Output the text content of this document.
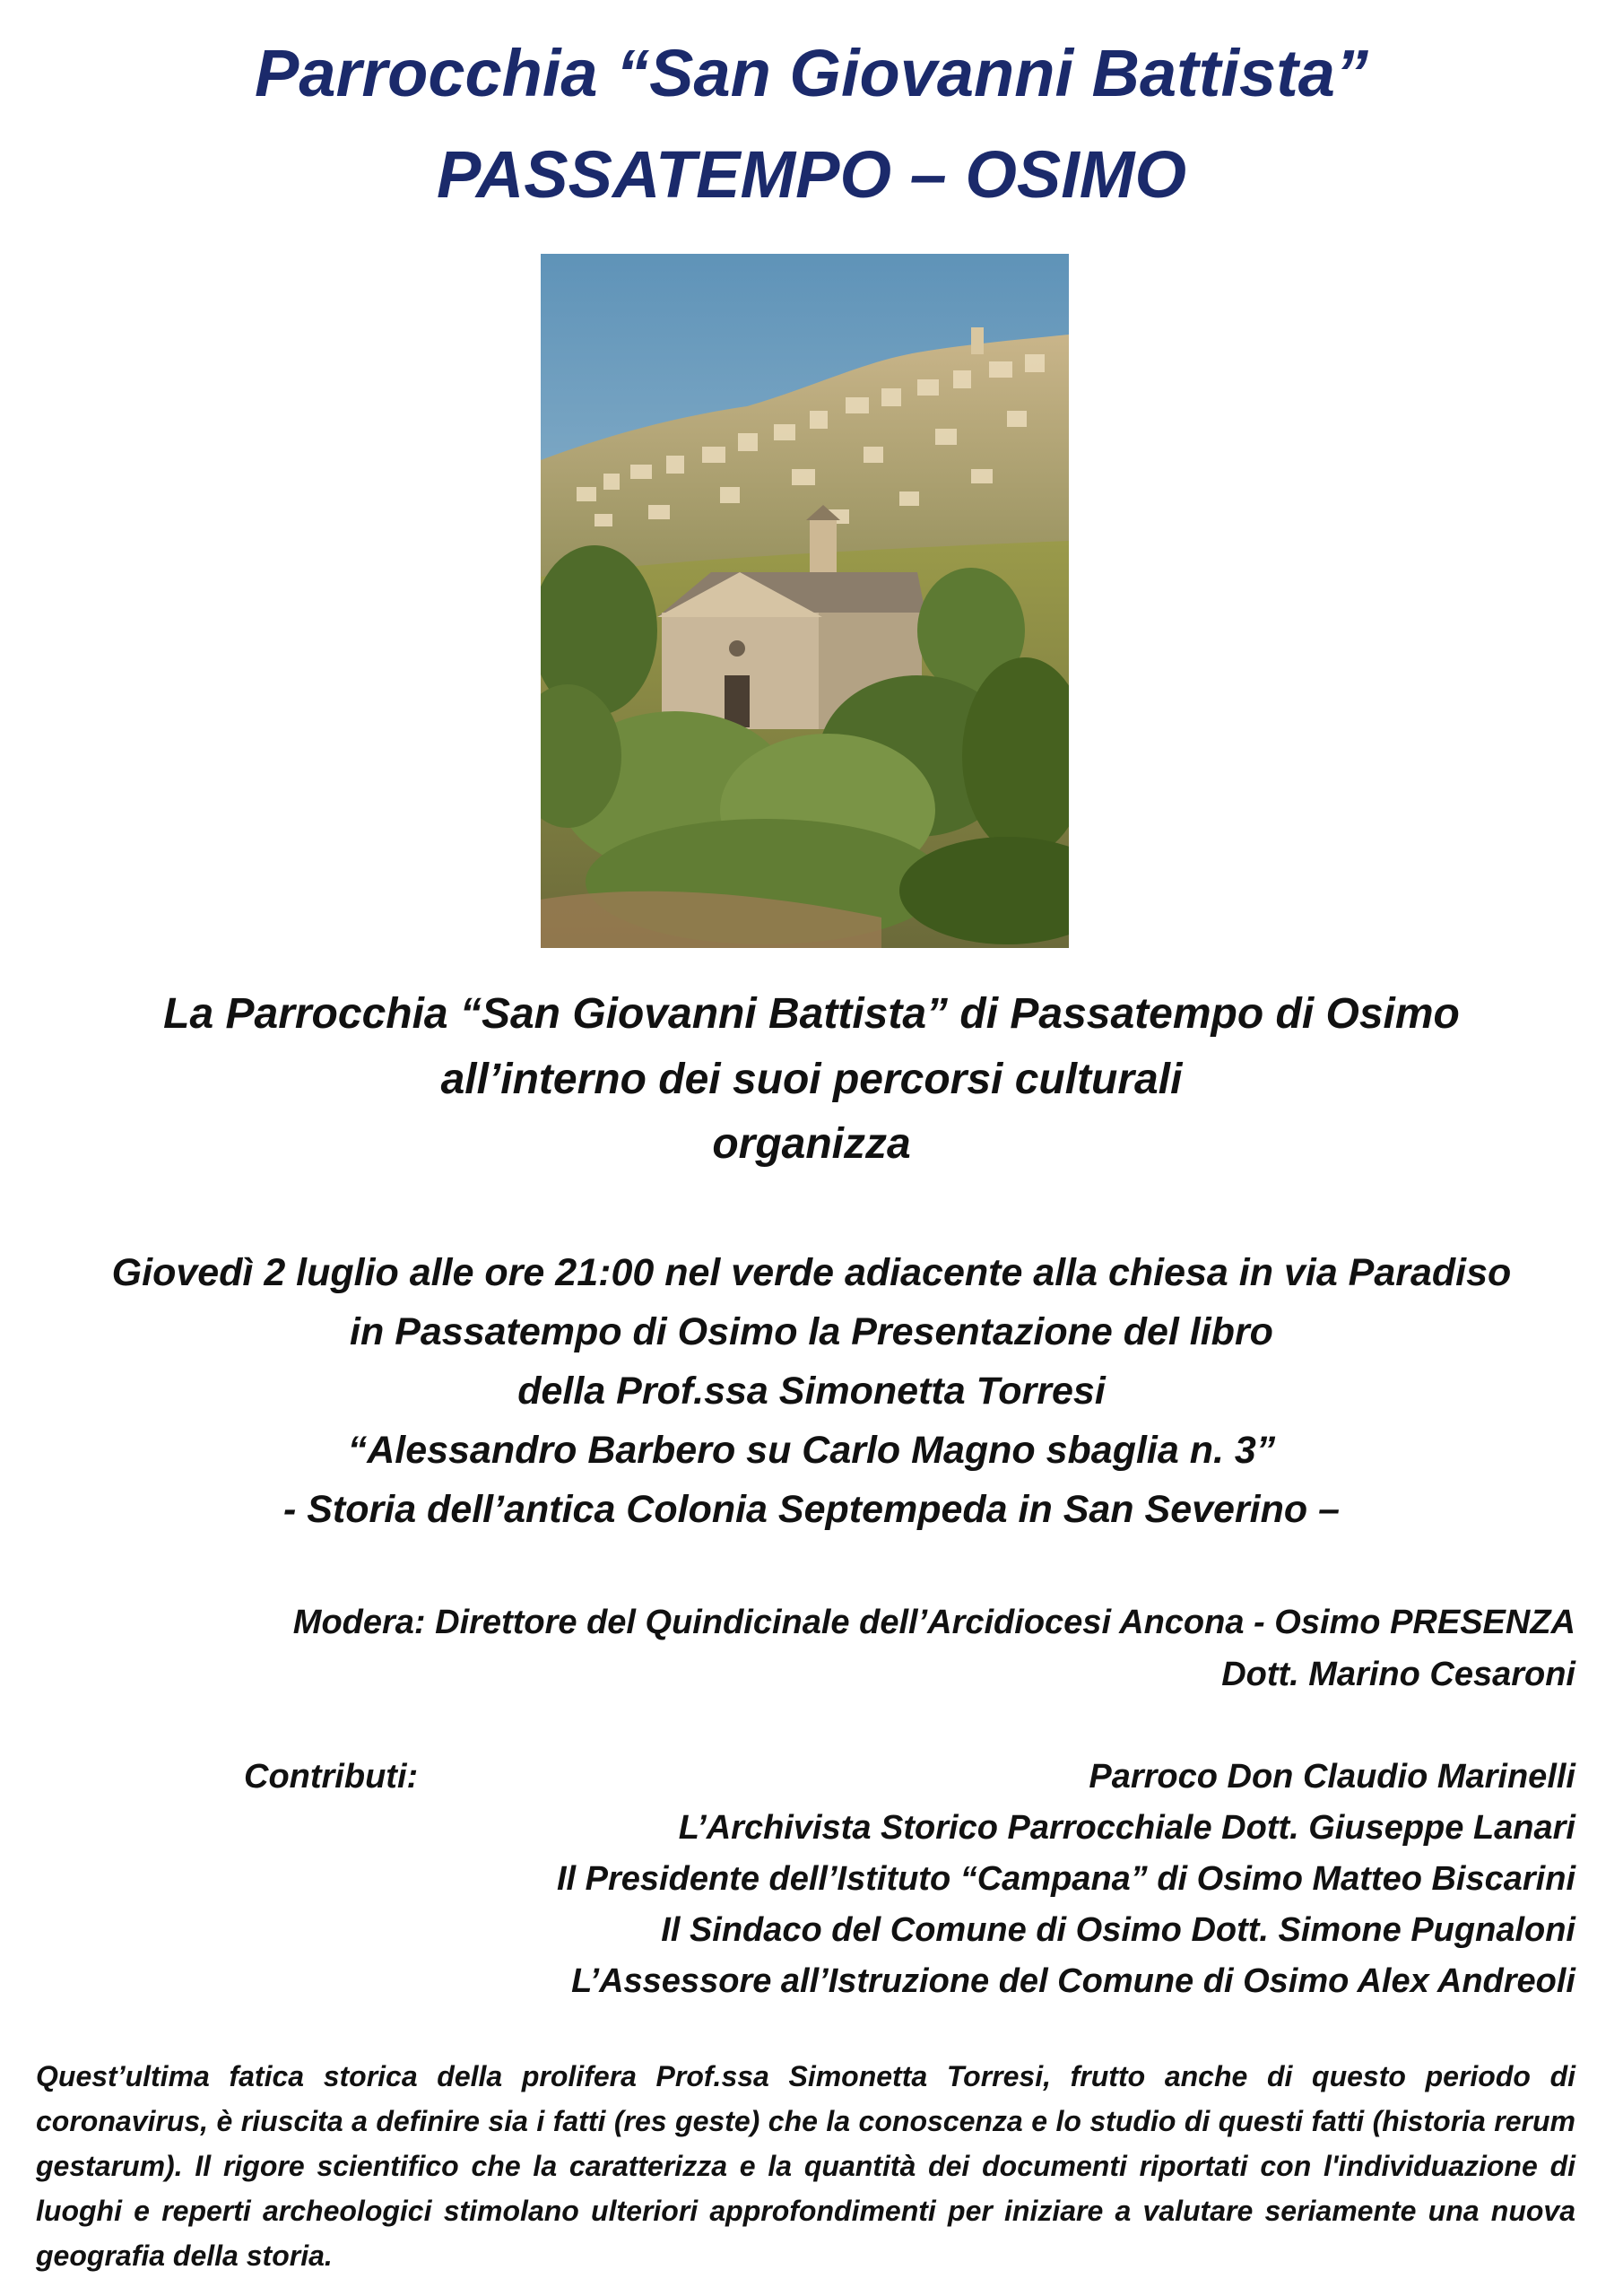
Parrocchia “San Giovanni Battista”
PASSATEMPO – OSIMO
La Parrocchia “San Giovanni Battista” di Passatempo di Osimo
all’interno dei suoi percorsi culturali
organizza
Giovedì 2 luglio alle ore 21:00 nel verde adiacente alla chiesa in via Paradiso
in Passatempo di Osimo la Presentazione del libro
della Prof.ssa Simonetta Torresi
“Alessandro Barbero su Carlo Magno sbaglia n. 3”
- Storia dell’antica Colonia Septempeda in San Severino –
Modera: Direttore del Quindicinale dell’Arcidiocesi Ancona - Osimo PRESENZA
Dott. Marino Cesaroni
Contributi:	Parroco Don Claudio Marinelli
L’Archivista Storico Parrocchiale Dott. Giuseppe Lanari
Il Presidente dell’Istituto “Campana” di Osimo Matteo Biscarini
Il Sindaco del Comune di Osimo Dott. Simone Pugnaloni
L’Assessore all’Istruzione del Comune di Osimo Alex Andreoli
Quest’ultima fatica storica della prolifera Prof.ssa Simonetta Torresi, frutto anche di questo periodo di coronavirus, è riuscita a definire sia i fatti (res geste) che la conoscenza e lo studio di questi fatti (historia rerum gestarum). Il rigore scientifico che la caratterizza e la quantità dei documenti riportati con l'individuazione di luoghi e reperti archeologici stimolano ulteriori approfondimenti per iniziare a valutare seriamente una nuova geografia della storia.
